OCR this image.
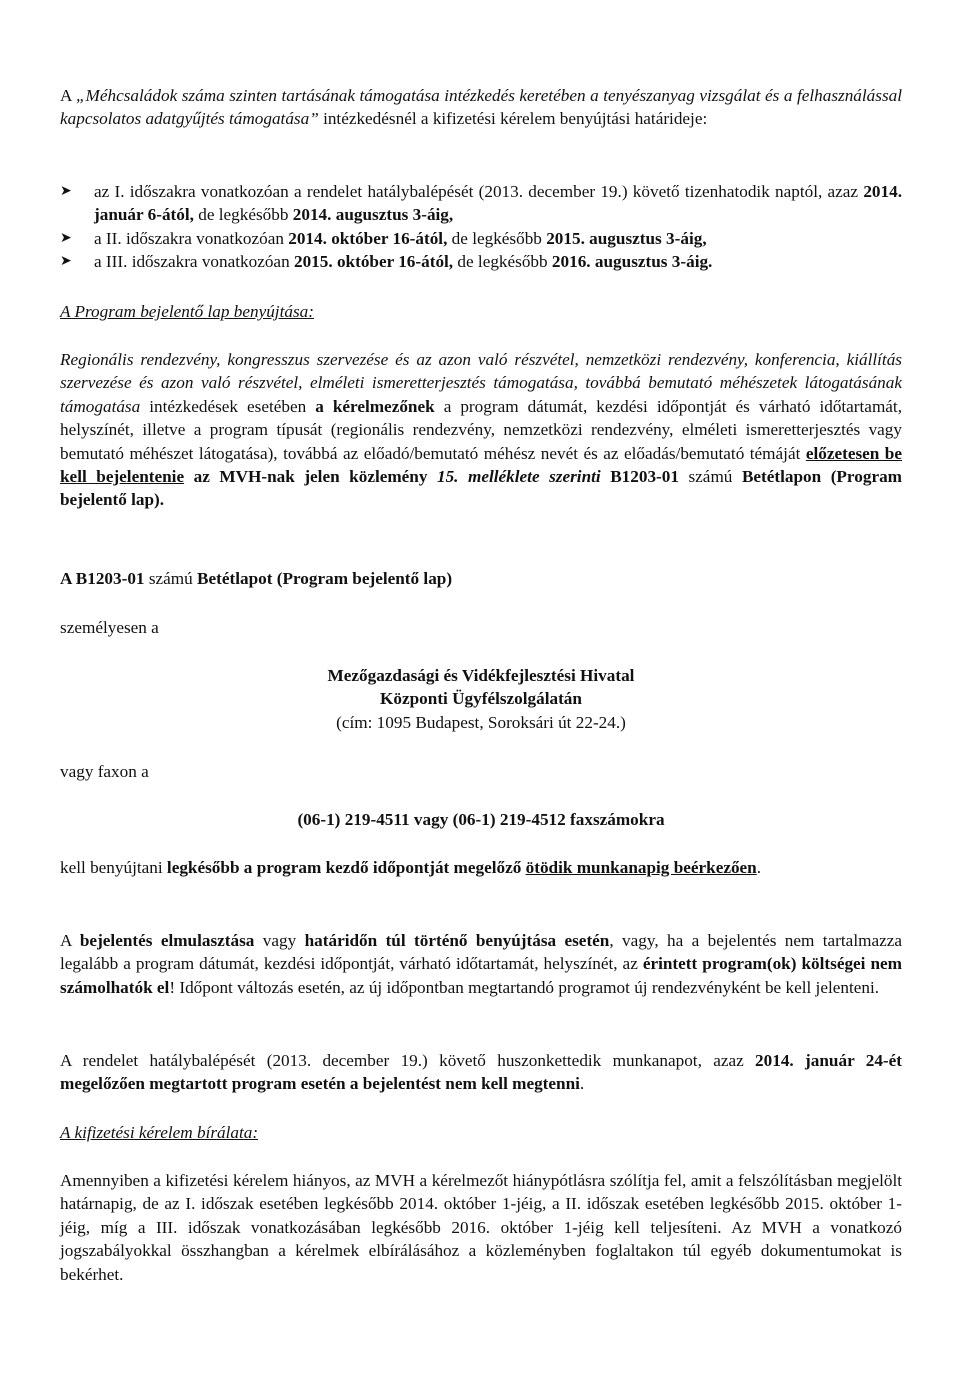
A „Méhcsaládok száma szinten tartásának támogatása intézkedés keretében a tenyészanyag vizsgálat és a felhasználással kapcsolatos adatgyűjtés támogatása” intézkedésnél a kifizetési kérelem benyújtási határideje:

➤ az I. időszakra vonatkozóan a rendelet hatálybalépését (2013. december 19.) követő tizenhatodik naptól, azaz 2014. január 6-ától, de legkésőbb 2014. augusztus 3-áig,
➤ a II. időszakra vonatkozóan 2014. október 16-ától, de legkésőbb 2015. augusztus 3-áig,
➤ a III. időszakra vonatkozóan 2015. október 16-ától, de legkésőbb 2016. augusztus 3-áig.

A Program bejelentő lap benyújtása:

Regionális rendezvény, kongresszus szervezése és az azon való részvétel, nemzetközi rendezvény, konferencia, kiállítás szervezése és azon való részvétel, elméleti ismeretterjesztés támogatása, továbbá bemutató méhészetek látogatásának támogatása intézkedések esetében a kérelmezőnek a program dátumát, kezdési időpontját és várható időtartamát, helyszínét, illetve a program típusát (regionális rendezvény, nemzetközi rendezvény, elméleti ismeretterjesztés vagy bemutató méhészet látogatása), továbbá az előadó/bemutató méhész nevét és az előadás/bemutató témáját előzetesen be kell bejelentenie az MVH-nak jelen közlemény 15. melléklete szerinti B1203-01 számú Betétlapon (Program bejelentő lap).

A B1203-01 számú Betétlapot (Program bejelentő lap)

személyesen a

Mezőgazdasági és Vidékfejlesztési Hivatal
Központi Ügyfélszolgálatán
(cím: 1095 Budapest, Soroksári út 22-24.)

vagy faxon a

(06-1) 219-4511 vagy (06-1) 219-4512 faxszámokra

kell benyújtani legkésőbb a program kezdő időpontját megelőző ötödik munkanapig beérkezően.

A bejelentés elmulasztása vagy határidőn túl történő benyújtása esetén, vagy, ha a bejelentés nem tartalmazza legalább a program dátumát, kezdési időpontját, várható időtartamát, helyszínét, az érintett program(ok) költségei nem számolhatók el! Időpont változás esetén, az új időpontban megtartandó programot új rendezvényként be kell jelenteni.

A rendelet hatálybalépését (2013. december 19.) követő huszonkettedik munkanapot, azaz 2014. január 24-ét megelőzően megtartott program esetén a bejelentést nem kell megtenni.

A kifizetési kérelem bírálata:

Amennyiben a kifizetési kérelem hiányos, az MVH a kérelmezőt hiánypótlásra szólítja fel, amit a felszólításban megjelölt határnapig, de az I. időszak esetében legkésőbb 2014. október 1-jéig, a II. időszak esetében legkésőbb 2015. október 1-jéig, míg a III. időszak vonatkozásában legkésőbb 2016. október 1-jéig kell teljesíteni. Az MVH a vonatkozó jogszabályokkal összhangban a kérelmek elbírálásához a közleményben foglaltakon túl egyéb dokumentumokat is bekérhet.
